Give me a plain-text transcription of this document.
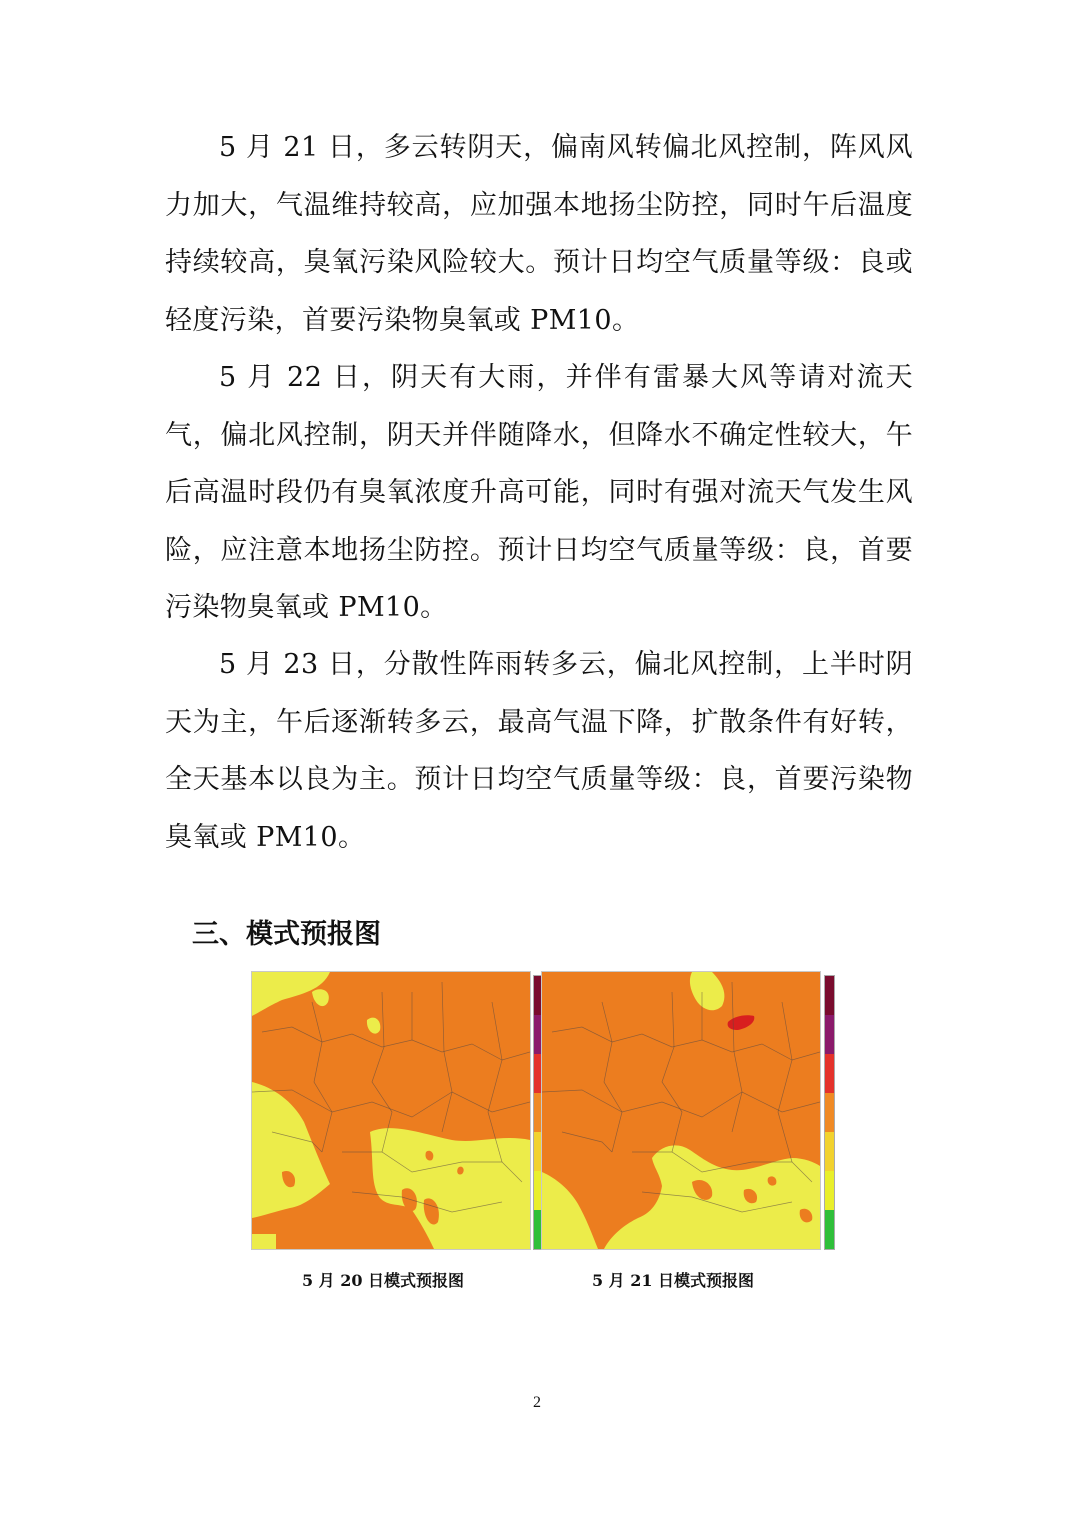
5 月 21 日，多云转阴天，偏南风转偏北风控制，阵风风力加大，气温维持较高，应加强本地扬尘防控，同时午后温度持续较高，臭氧污染风险较大。预计日均空气质量等级：良或轻度污染，首要污染物臭氧或 PM10。

5 月 22 日，阴天有大雨，并伴有雷暴大风等请对流天气，偏北风控制，阴天并伴随降水，但降水不确定性较大，午后高温时段仍有臭氧浓度升高可能，同时有强对流天气发生风险，应注意本地扬尘防控。预计日均空气质量等级：良，首要污染物臭氧或 PM10。

5 月 23 日，分散性阵雨转多云，偏北风控制，上半时阴天为主，午后逐渐转多云，最高气温下降，扩散条件有好转，全天基本以良为主。预计日均空气质量等级：良，首要污染物臭氧或 PM10。

三、模式预报图

5 月 20 日模式预报图	5 月 21 日模式预报图

2
